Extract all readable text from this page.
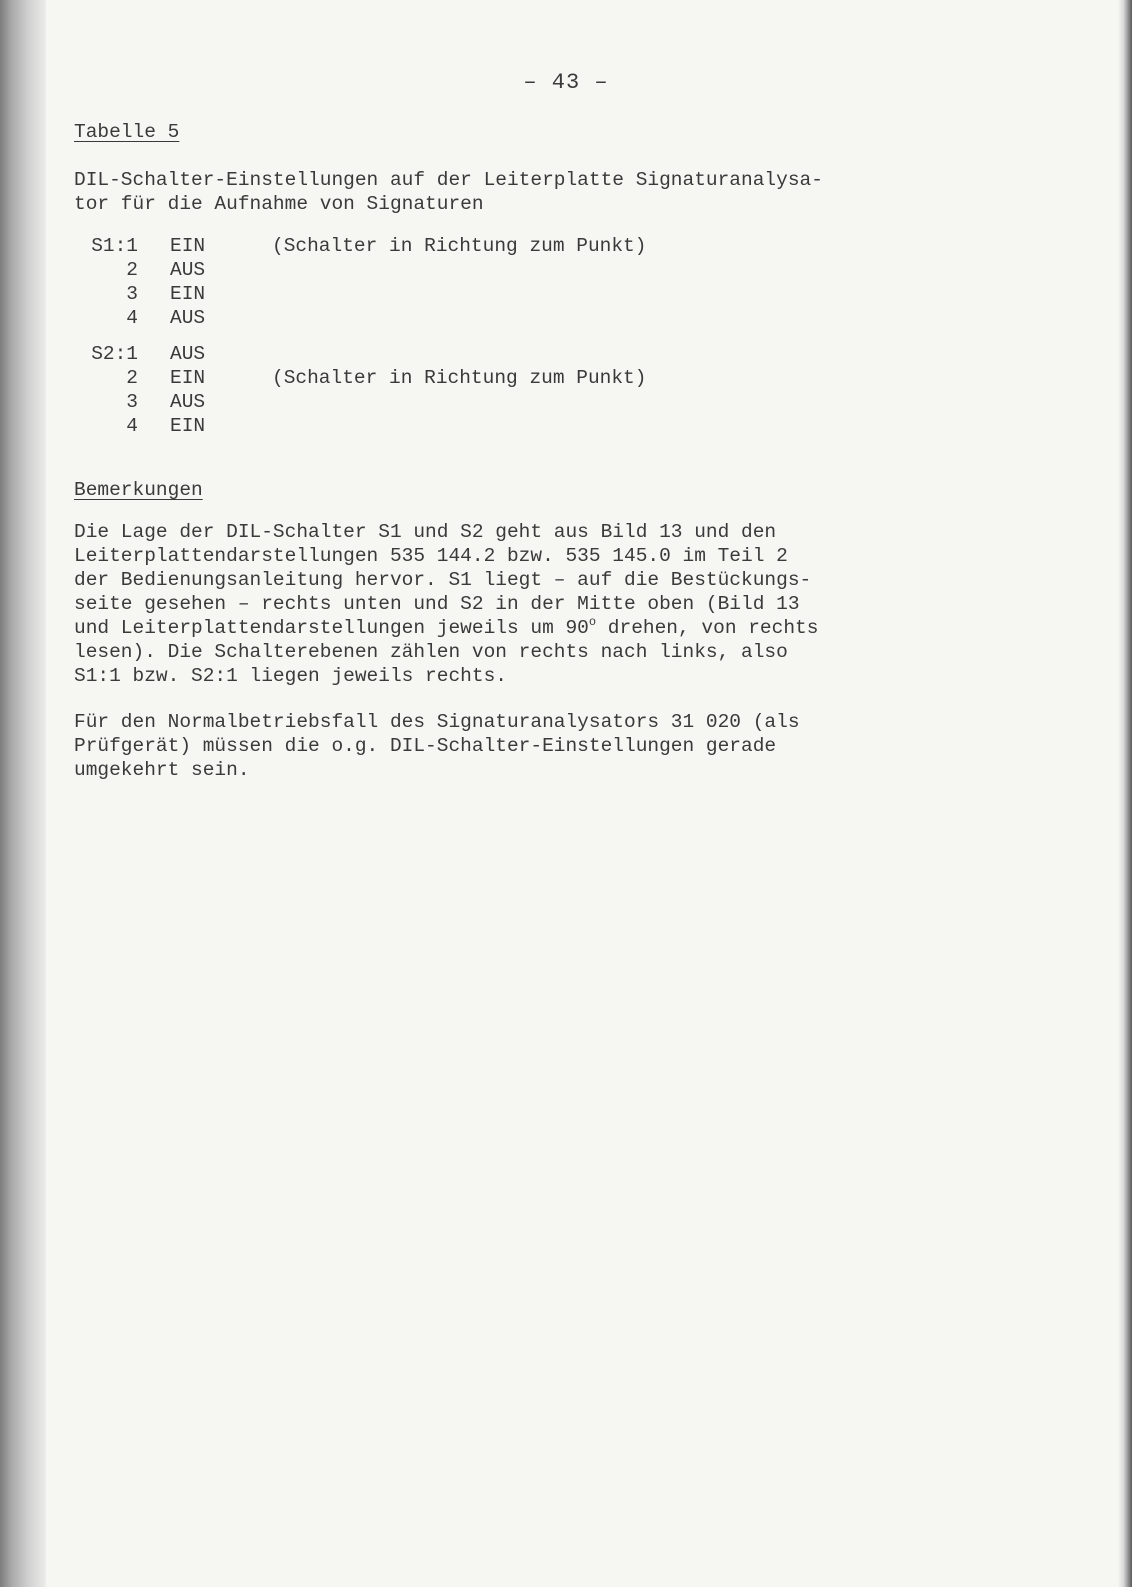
– 43 –
Tabelle 5
DIL-Schalter-Einstellungen auf der Leiterplatte Signaturanalysa-
tor für die Aufnahme von Signaturen
S1:1 EIN	(Schalter in Richtung zum Punkt)
2 AUS
3 EIN
4 AUS
S2:1 AUS
2 EIN	(Schalter in Richtung zum Punkt)
3 AUS
4 EIN
Bemerkungen

Die Lage der DIL-Schalter S1 und S2 geht aus Bild 13 und den
Leiterplattendarstellungen 535 144.2 bzw. 535 145.0 im Teil 2
der Bedienungsanleitung hervor. S1 liegt – auf die Bestückungs-
seite gesehen – rechts unten und S2 in der Mitte oben (Bild 13
und Leiterplattendarstellungen jeweils um 90$^o$ drehen, von rechts
lesen). Die Schalterebenen zählen von rechts nach links, also
S1:1 bzw. S2:1 liegen jeweils rechts.

Für den Normalbetriebsfall des Signaturanalysators 31 020 (als
Prüfgerät) müssen die o.g. DIL-Schalter-Einstellungen gerade
umgekehrt sein.
